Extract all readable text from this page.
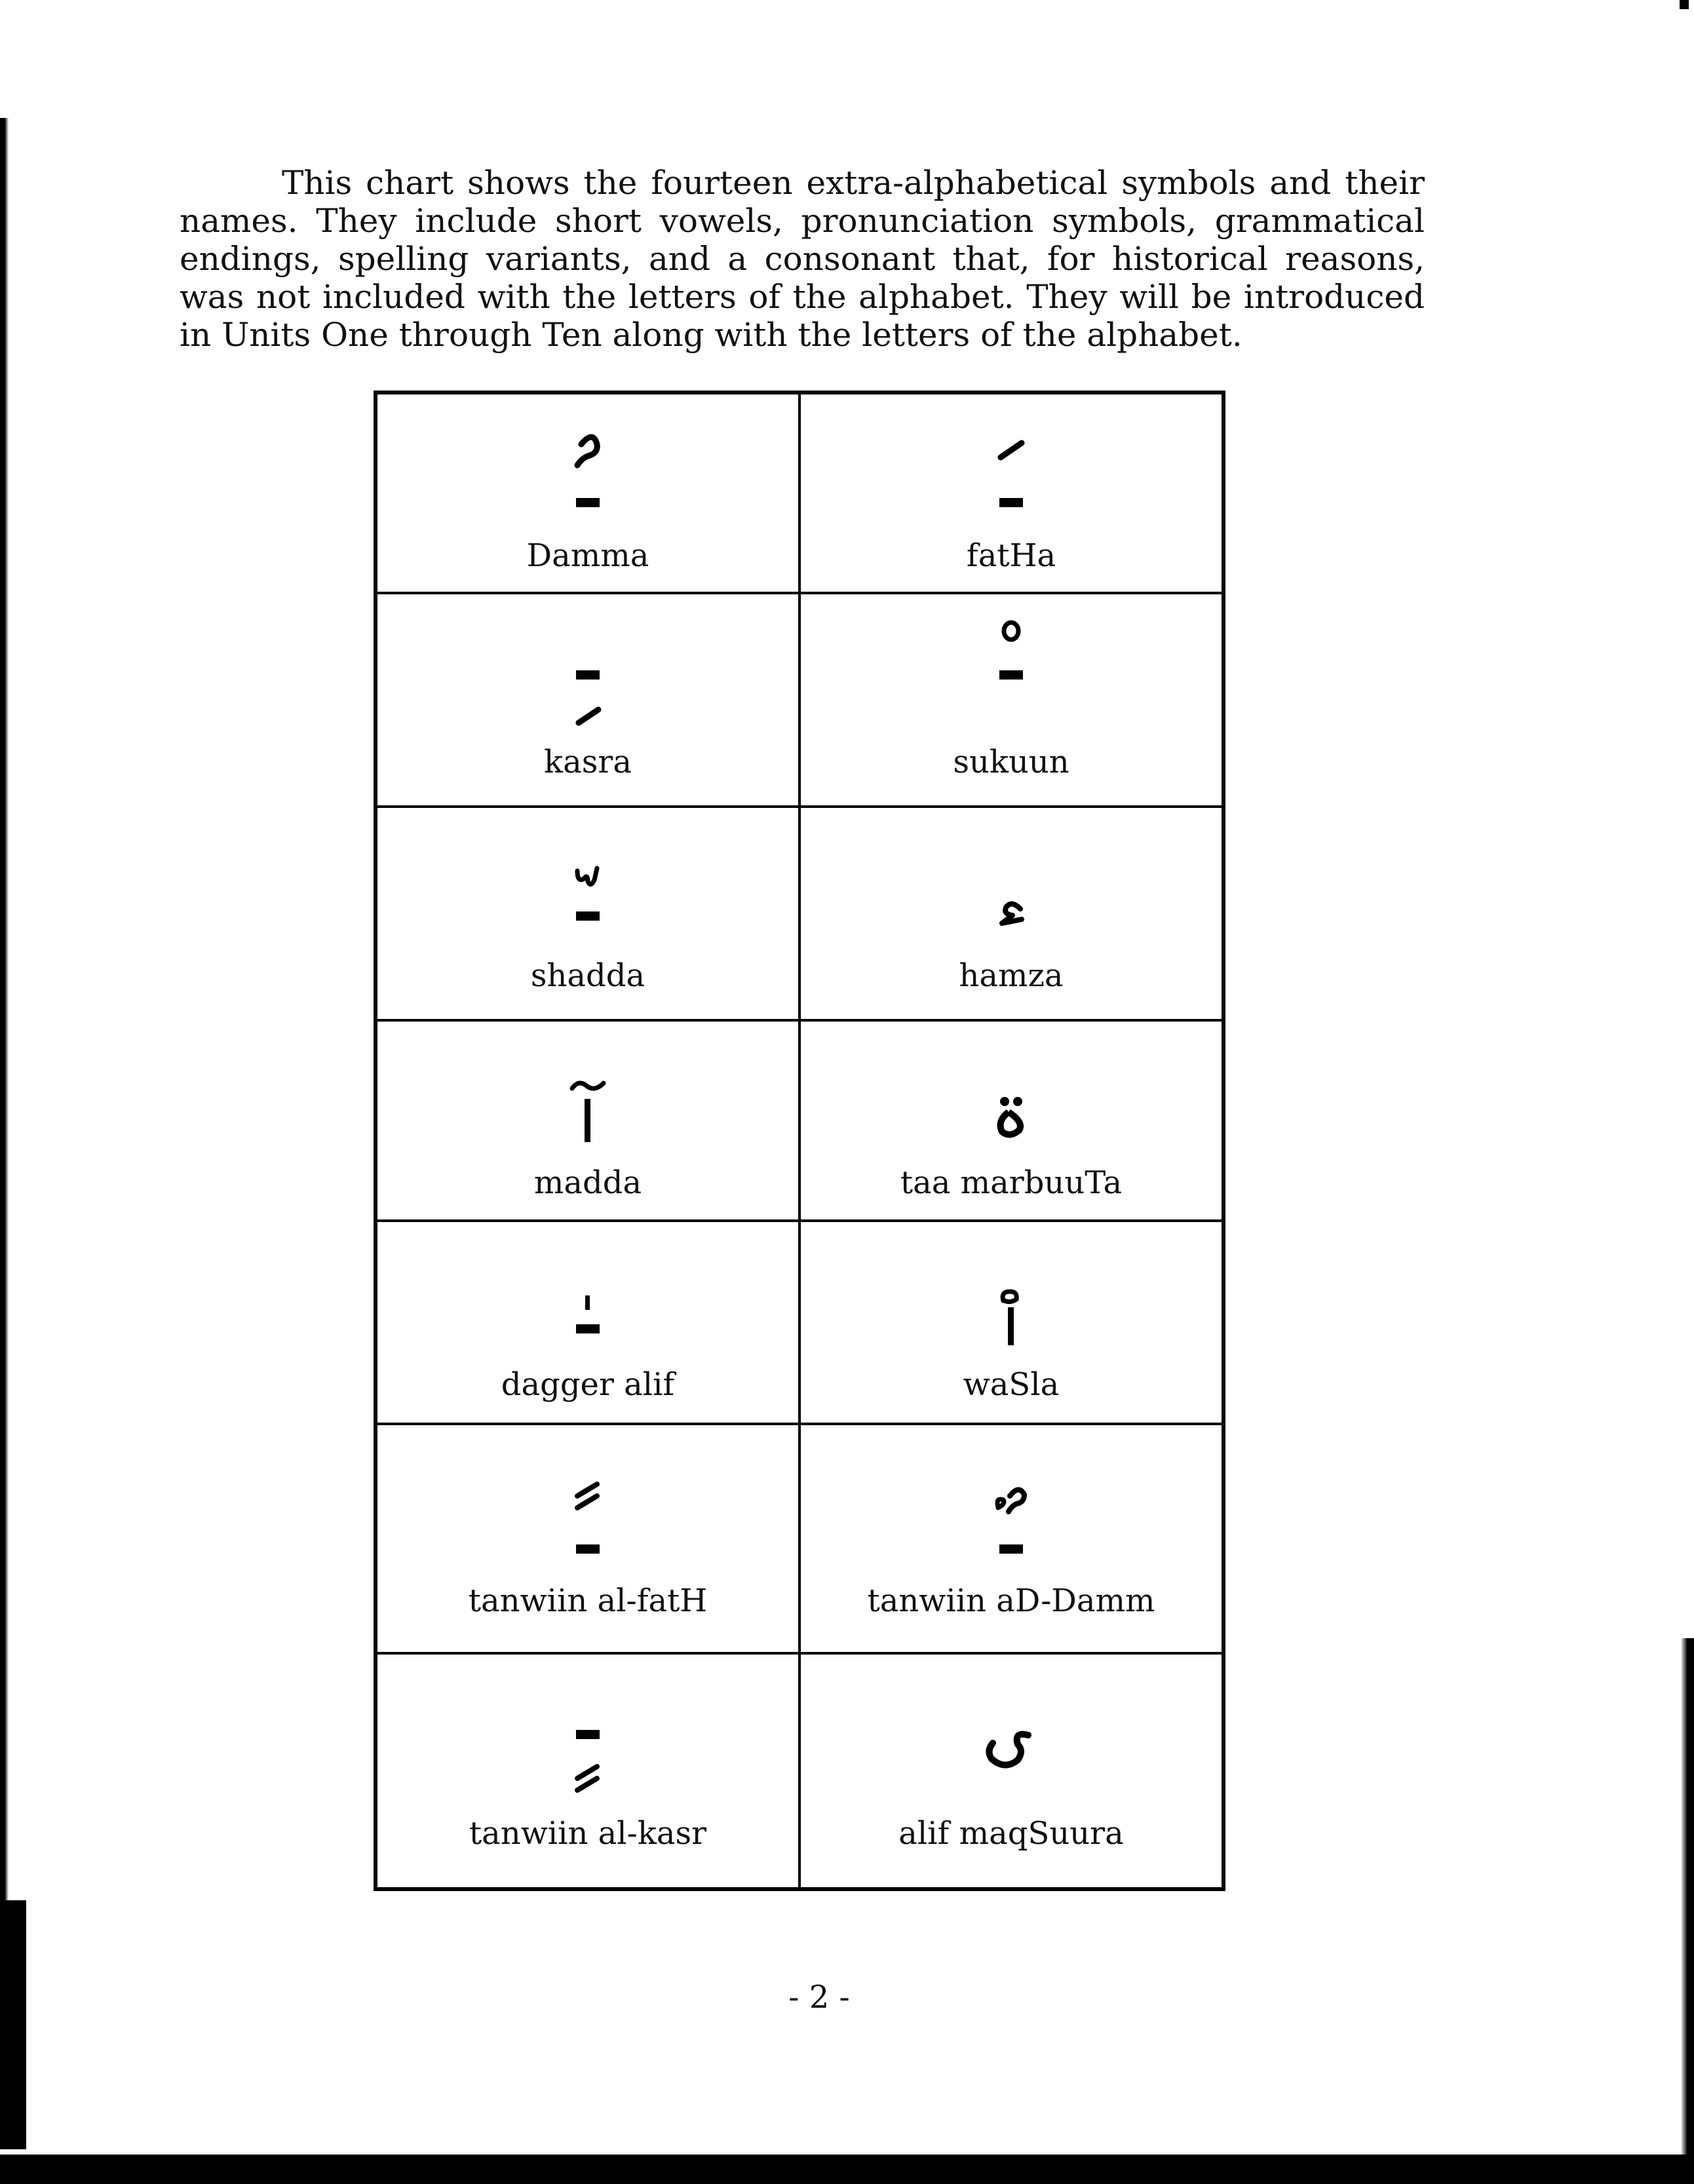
This chart shows the fourteen extra-alphabetical symbols and their names. They include short vowels, pronunciation symbols, grammatical endings, spelling variants, and a consonant that, for historical reasons, was not included with the letters of the alphabet. They will be introduced in Units One through Ten along with the letters of the alphabet.

Damma	fatHa

kasra	sukuun

shadda	hamza

madda	taa marbuuTa

dagger alif	waSla

tanwiin al-fatH	tanwiin aD-Damm

tanwiin al-kasr	alif maqSuura
- 2 -
